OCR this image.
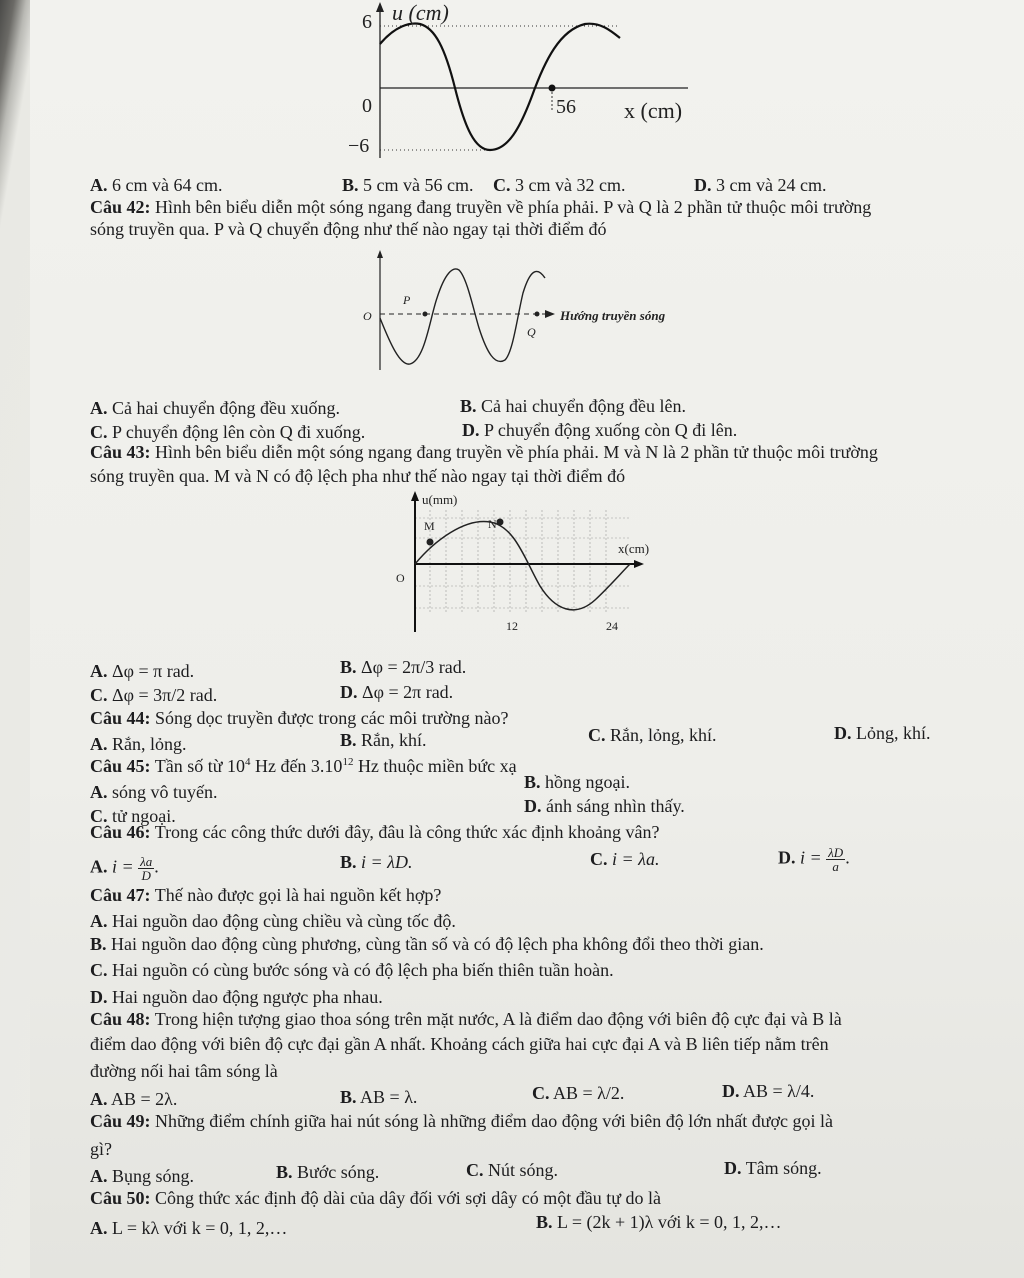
6 u (cm)
0
−6
56 x (cm)
A. 6 cm và 64 cm.	B. 5 cm và 56 cm. C. 3 cm và 32 cm.	D. 3 cm và 24 cm.
Câu 42: Hình bên biểu diễn một sóng ngang đang truyền về phía phải. P và Q là 2 phần tử thuộc môi trường
sóng truyền qua. P và Q chuyển động như thế nào ngay tại thời điểm đó
O
P
Q
Hướng truyền sóng
A. Cả hai chuyển động đều xuống.	B. Cả hai chuyển động đều lên.
C. P chuyển động lên còn Q đi xuống.	D. P chuyển động xuống còn Q đi lên.
Câu 43: Hình bên biểu diễn một sóng ngang đang truyền về phía phải. M và N là 2 phần tử thuộc môi trường
sóng truyền qua. M và N có độ lệch pha như thế nào ngay tại thời điểm đó
u(mm)
M	N
O
x(cm)
12	24
A. Δφ = π rad.	B. Δφ = 2π/3 rad.
C. Δφ = 3π/2 rad.	D. Δφ = 2π rad.
Câu 44: Sóng dọc truyền được trong các môi trường nào?
A. Rắn, lỏng.	B. Rắn, khí.	C. Rắn, lỏng, khí.	D. Lỏng, khí.
Câu 45: Tần số từ $10^4$ Hz đến 3.10$^{12}$ Hz thuộc miền bức xạ
A. sóng vô tuyến.	B. hồng ngoại.
C. tử ngoại.	D. ánh sáng nhìn thấy.
Câu 46: Trong các công thức dưới đây, đâu là công thức xác định khoảng vân?
A. $i = \frac{\lambda a}{D}$ .	B. i = λD.	C. i = λa.	D. $i = \frac{\lambda D}{a}$ .
Câu 47: Thế nào được gọi là hai nguồn kết hợp?
A. Hai nguồn dao động cùng chiều và cùng tốc độ.
B. Hai nguồn dao động cùng phương, cùng tần số và có độ lệch pha không đổi theo thời gian.
C. Hai nguồn có cùng bước sóng và có độ lệch pha biến thiên tuần hoàn.
D. Hai nguồn dao động ngược pha nhau.
Câu 48: Trong hiện tượng giao thoa sóng trên mặt nước, A là điểm dao động với biên độ cực đại và B là
điểm dao động với biên độ cực đại gần A nhất. Khoảng cách giữa hai cực đại A và B liên tiếp nằm trên
đường nối hai tâm sóng là
A. AB = 2λ.	B. AB = λ.	C. AB = λ/2.	D. AB = λ/4.
Câu 49: Những điểm chính giữa hai nút sóng là những điểm dao động với biên độ lớn nhất được gọi là
gì?
A. Bụng sóng.	B. Bước sóng.	C. Nút sóng.	D. Tâm sóng.
Câu 50: Công thức xác định độ dài của dây đối với sợi dây có một đầu tự do là
A. L = kλ với k = 0, 1, 2,…	B. L = (2k + 1)λ với k = 0, 1, 2,…
